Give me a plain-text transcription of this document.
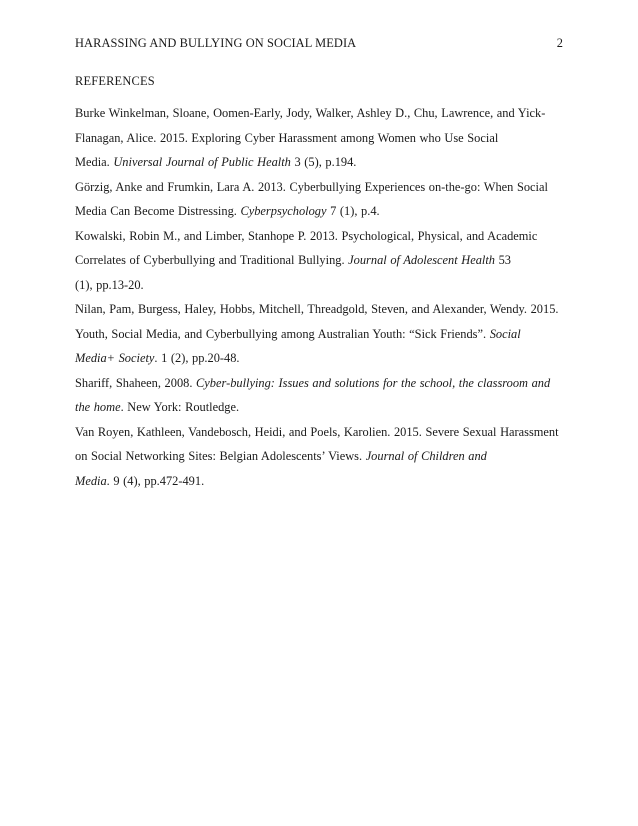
HARASSING AND BULLYING ON SOCIAL MEDIA	2
REFERENCES
Burke Winkelman, Sloane, Oomen-Early, Jody, Walker, Ashley D., Chu, Lawrence, and Yick-
Flanagan, Alice. 2015. Exploring Cyber Harassment among Women who Use Social
Media. Universal Journal of Public Health 3 (5), p.194.
Görzig, Anke and Frumkin, Lara A. 2013. Cyberbullying Experiences on-the-go: When Social
Media Can Become Distressing. Cyberpsychology 7 (1), p.4.
Kowalski, Robin M., and Limber, Stanhope P. 2013. Psychological, Physical, and Academic
Correlates of Cyberbullying and Traditional Bullying. Journal of Adolescent Health 53
(1), pp.13-20.
Nilan, Pam, Burgess, Haley, Hobbs, Mitchell, Threadgold, Steven, and Alexander, Wendy. 2015.
Youth, Social Media, and Cyberbullying among Australian Youth: “Sick Friends”. Social
Media+ Society. 1 (2), pp.20-48.
Shariff, Shaheen, 2008. Cyber-bullying: Issues and solutions for the school, the classroom and
the home. New York: Routledge.
Van Royen, Kathleen, Vandebosch, Heidi, and Poels, Karolien. 2015. Severe Sexual Harassment
on Social Networking Sites: Belgian Adolescents’ Views. Journal of Children and
Media. 9 (4), pp.472-491.
